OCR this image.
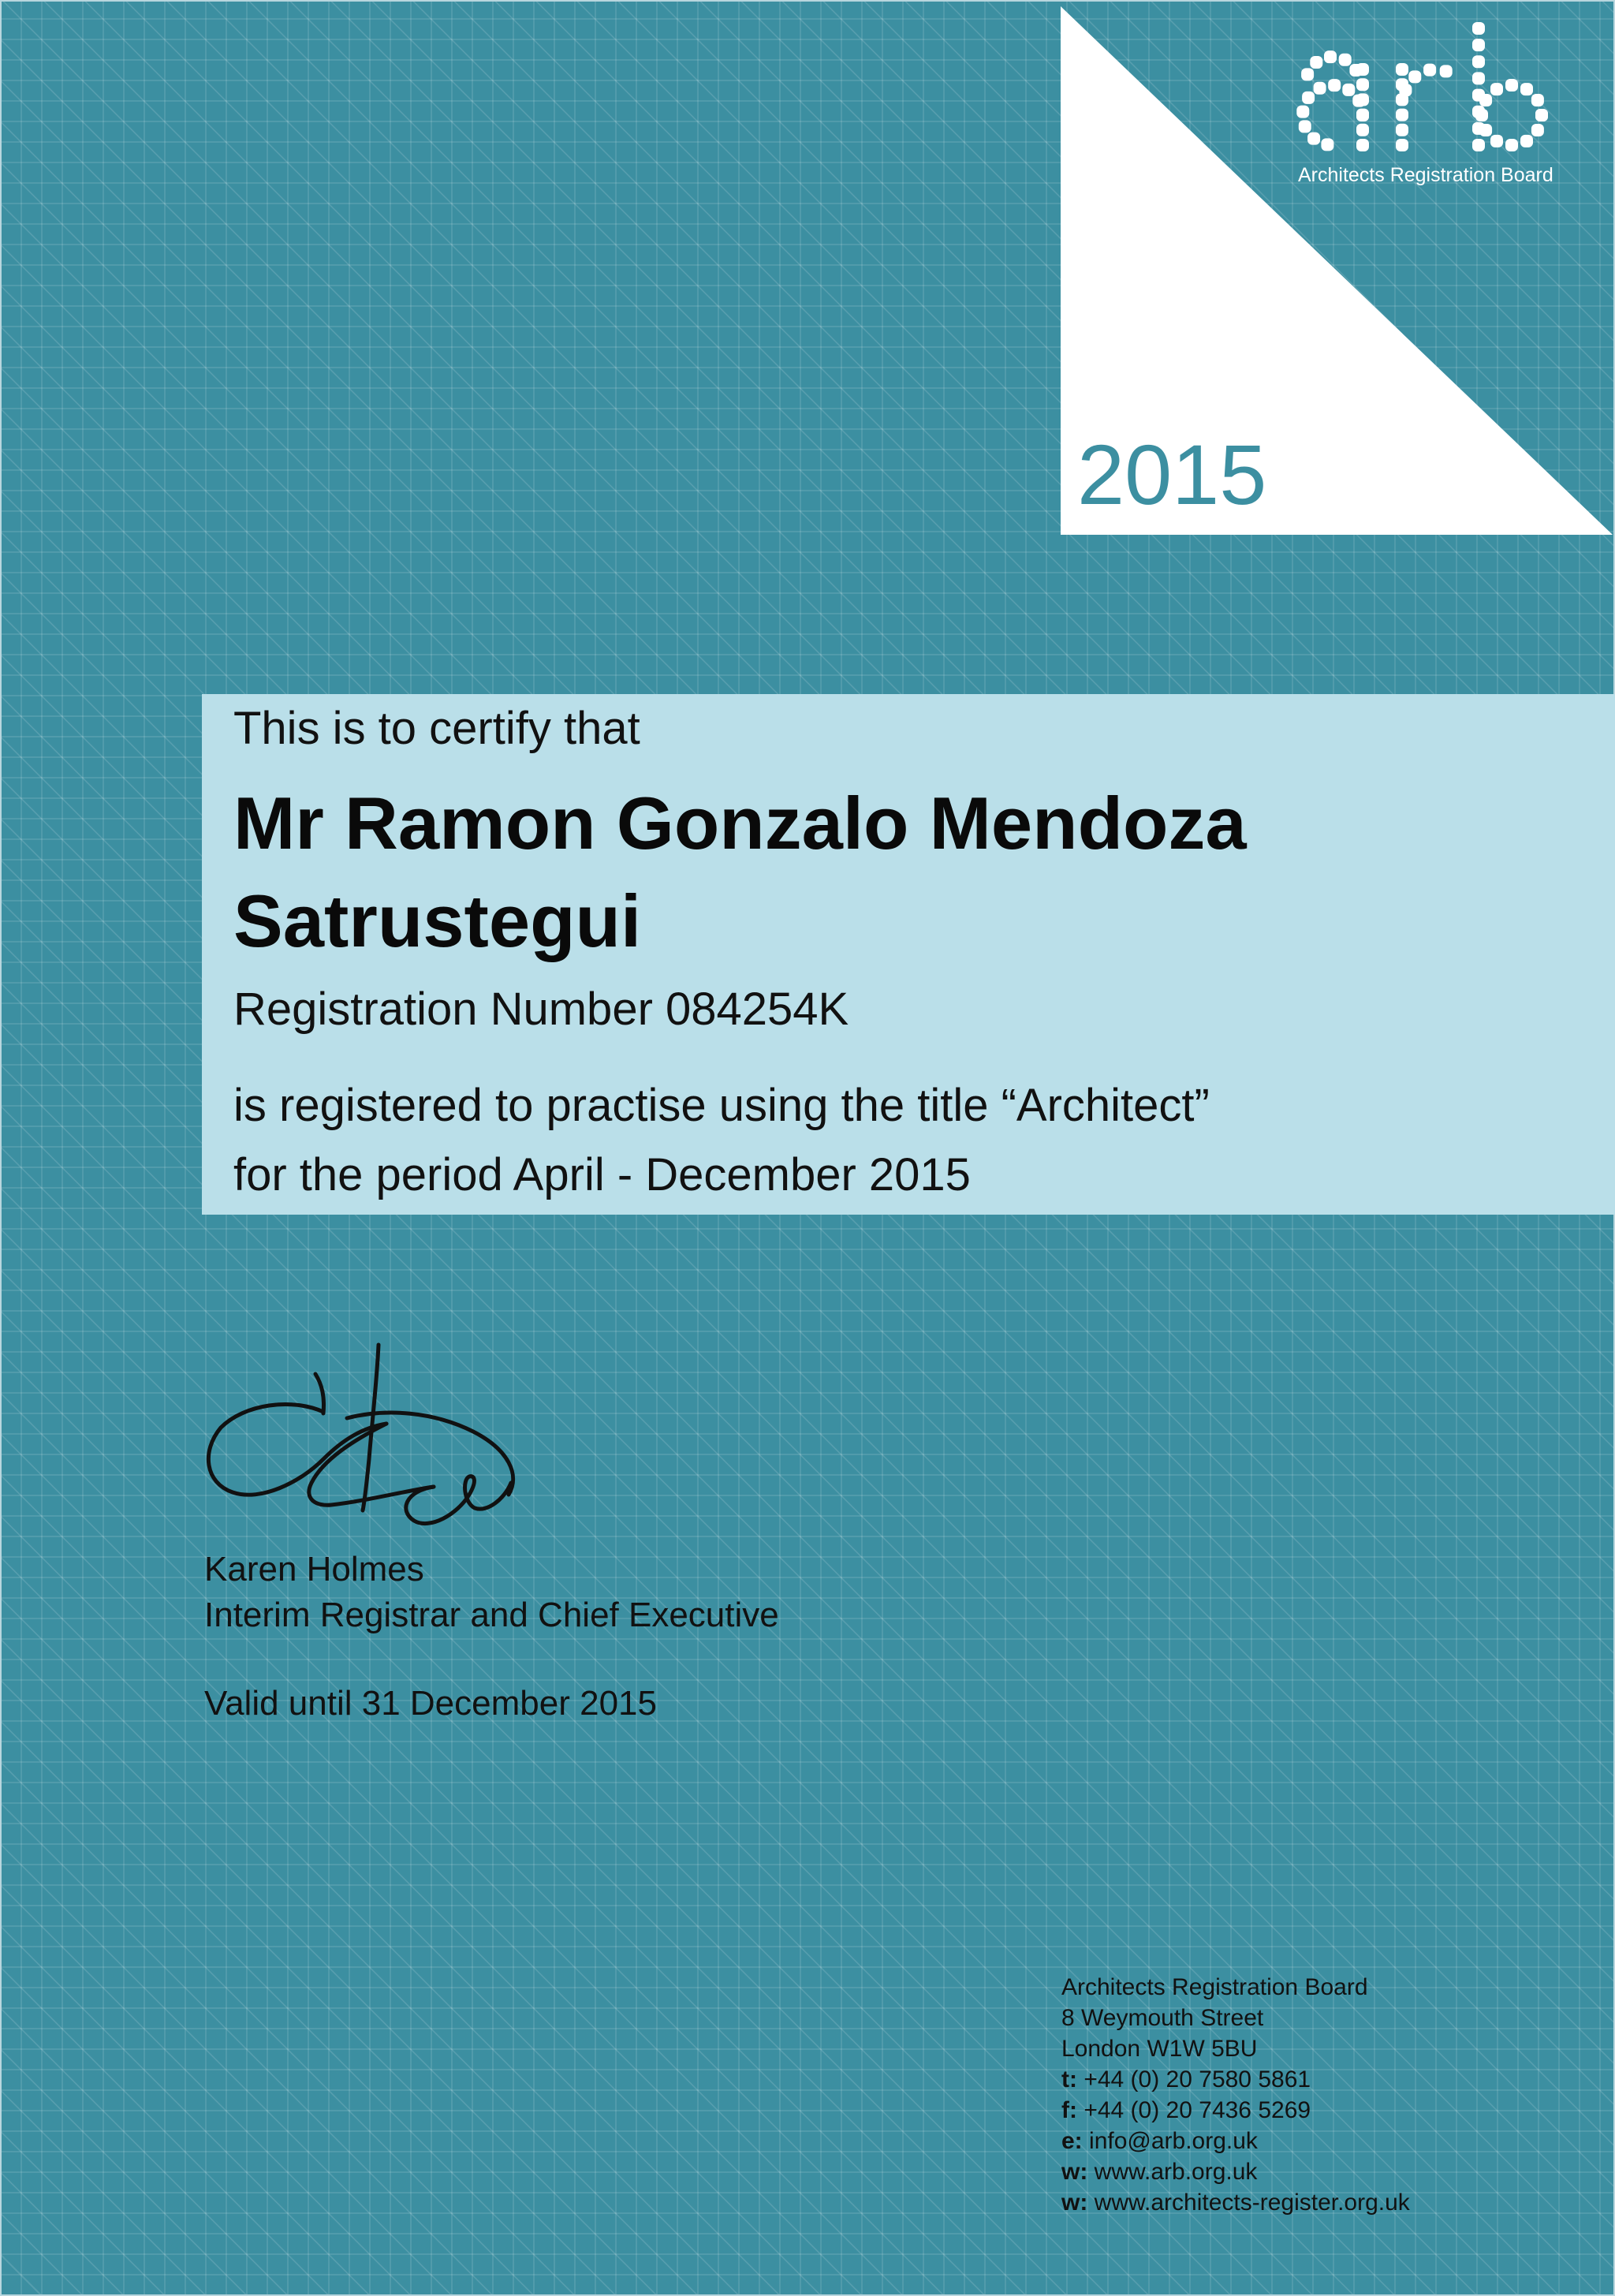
2015
Architects Registration Board
This is to certify that
Mr Ramon Gonzalo Mendoza Satrustegui
Registration Number 084254K
is registered to practise using the title “Architect”
for the period April - December 2015
Karen Holmes
Interim Registrar and Chief Executive
Valid until 31 December 2015
Architects Registration Board
8 Weymouth Street
London W1W 5BU
t: +44 (0) 20 7580 5861
f: +44 (0) 20 7436 5269
e: info@arb.org.uk
w: www.arb.org.uk
w: www.architects-register.org.uk
